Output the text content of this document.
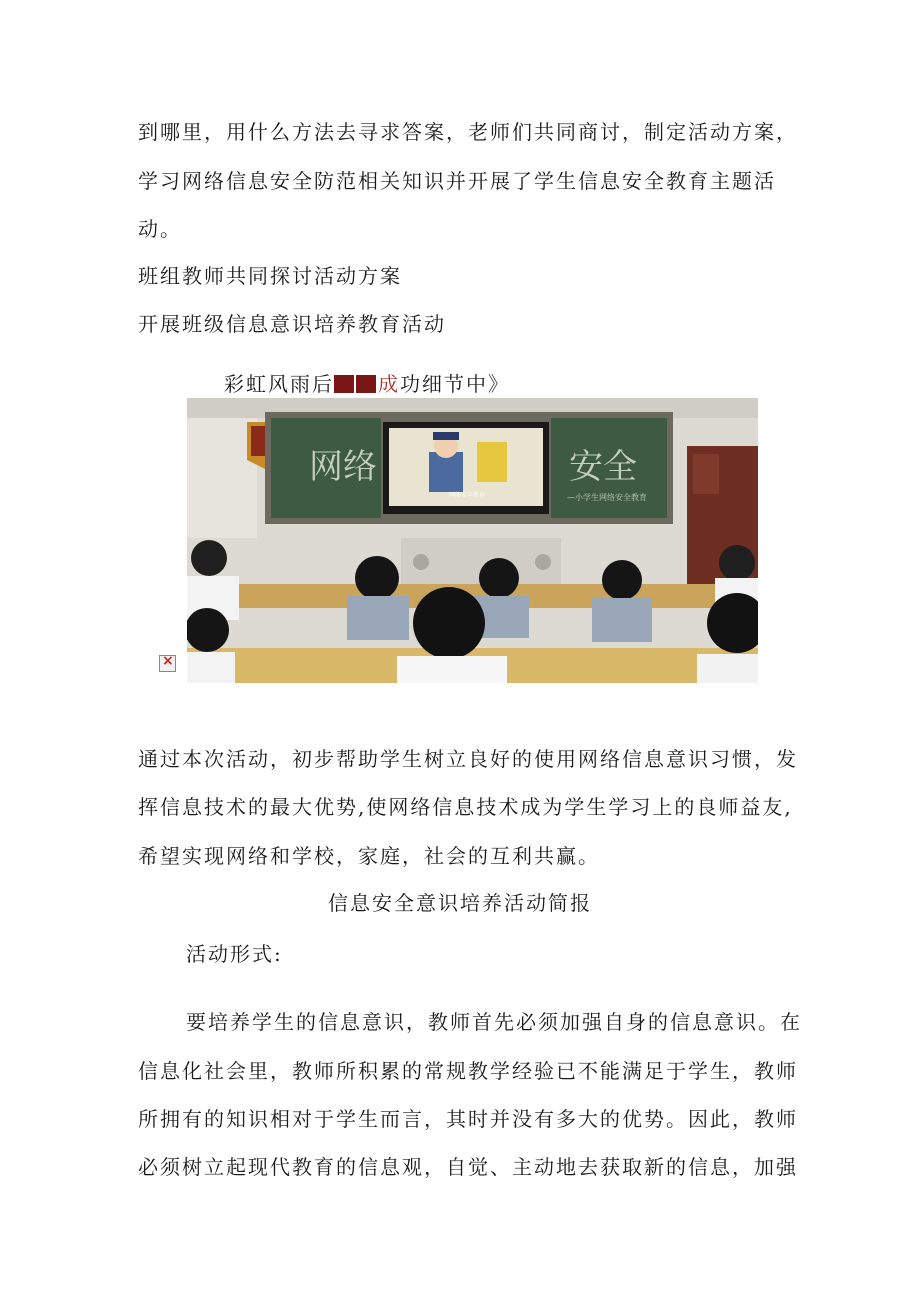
到哪里，用什么方法去寻求答案，老师们共同商讨，制定活动方案，
学习网络信息安全防范相关知识并开展了学生信息安全教育主题活
动。
班组教师共同探讨活动方案
开展班级信息意识培养教育活动
彩虹风雨后 成功细节中》
×
网络	安全
—小学生网络安全教育
网络安全教育
通过本次活动，初步帮助学生树立良好的使用网络信息意识习惯，发
挥信息技术的最大优势,使网络信息技术成为学生学习上的良师益友,
希望实现网络和学校，家庭，社会的互利共赢。
信息安全意识培养活动简报
活动形式:
要培养学生的信息意识，教师首先必须加强自身的信息意识。在
信息化社会里，教师所积累的常规教学经验已不能满足于学生，教师
所拥有的知识相对于学生而言，其时并没有多大的优势。因此，教师
必须树立起现代教育的信息观，自觉、主动地去获取新的信息，加强
